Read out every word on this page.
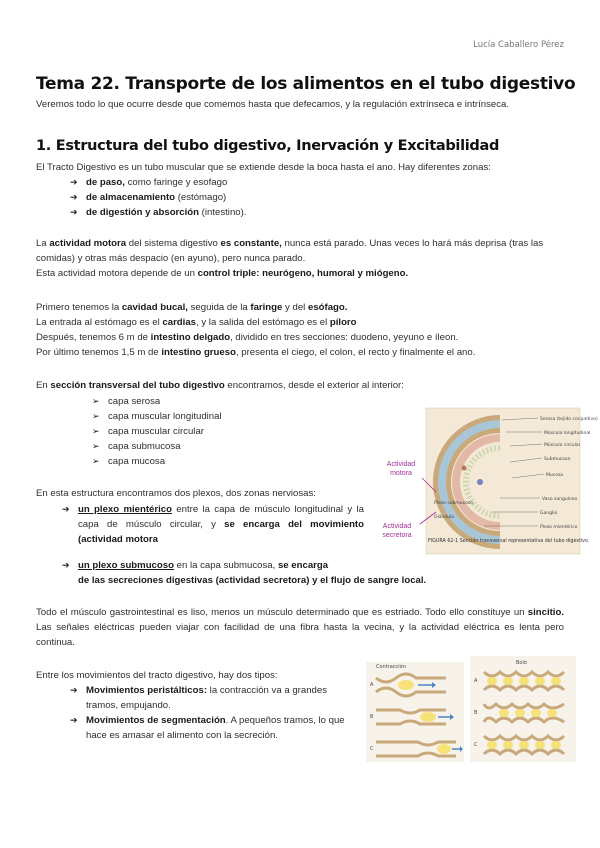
Lucía Caballero Pérez
Tema 22. Transporte de los alimentos en el tubo digestivo

Veremos todo lo que ocurre desde que comemos hasta que defecamos, y la regulación extrínseca e intrínseca.

1. Estructura del tubo digestivo, Inervación y Excitabilidad

El Tracto Digestivo es un tubo muscular que se extiende desde la boca hasta el ano. Hay diferentes zonas:

➔ de paso, como faringe y esofago
➔ de almacenamiento (estómago)
➔ de digestión y absorción (intestino).

La actividad motora del sistema digestivo es constante, nunca está parado. Unas veces lo hará más deprisa (tras las comidas) y otras más despacio (en ayuno), pero nunca parado.

Esta actividad motora depende de un control triple: neurógeno, humoral y miógeno.

Primero tenemos la cavidad bucal, seguida de la faringe y del esófago.
La entrada al estómago es el cardias, y la salida del estómago es el píloro
Después, tenemos 6 m de intestino delgado, dividido en tres secciones: duodeno, yeyuno e íleon.
Por último tenemos 1,5 m de intestino grueso, presenta el ciego, el colon, el recto y finalmente el ano.

En sección transversal del tubo digestivo encontramos, desde el exterior al interior:

➢ capa serosa
➢ capa muscular longitudinal
➢ capa muscular circular
➢ capa submucosa
➢ capa mucosa

En esta estructura encontramos dos plexos, dos zonas nerviosas:

➔ un plexo mientérico entre la capa de músculo longitudinal y la capa de músculo circular, y se encarga del movimiento (actividad motora
➔ un plexo submucoso en la capa submucosa, se encarga
de las secreciones digestivas (actividad secretora) y el flujo de sangre local.

Todo el músculo gastrointestinal es liso, menos un músculo determinado que es estriado. Todo ello constituye un sincitio. Las señales eléctricas pueden viajar con facilidad de una fibra hasta la vecina, y la actividad eléctrica es lenta pero continua.

Entre los movimientos del tracto digestivo, hay dos tipos:

➔ Movimientos peristálticos: la contracción va a grandes tramos, empujando.
➔ Movimientos de segmentación. A pequeños tramos, lo que hace es amasar el alimento con la secreción.
Actividad
motora
Actividad
secretora
Serosa (tejido conjuntivo)
Músculo longitudinal
Músculo circular
Submucosa
Mucosa
Vaso sanguíneo
Ganglio
Plexo mientérico
Plexo submucoso
Glándula
FIGURA 62-1 Sección transversal representativa del tubo digestivo.
Contracción
Bolo
A
B
C
A
B
C
